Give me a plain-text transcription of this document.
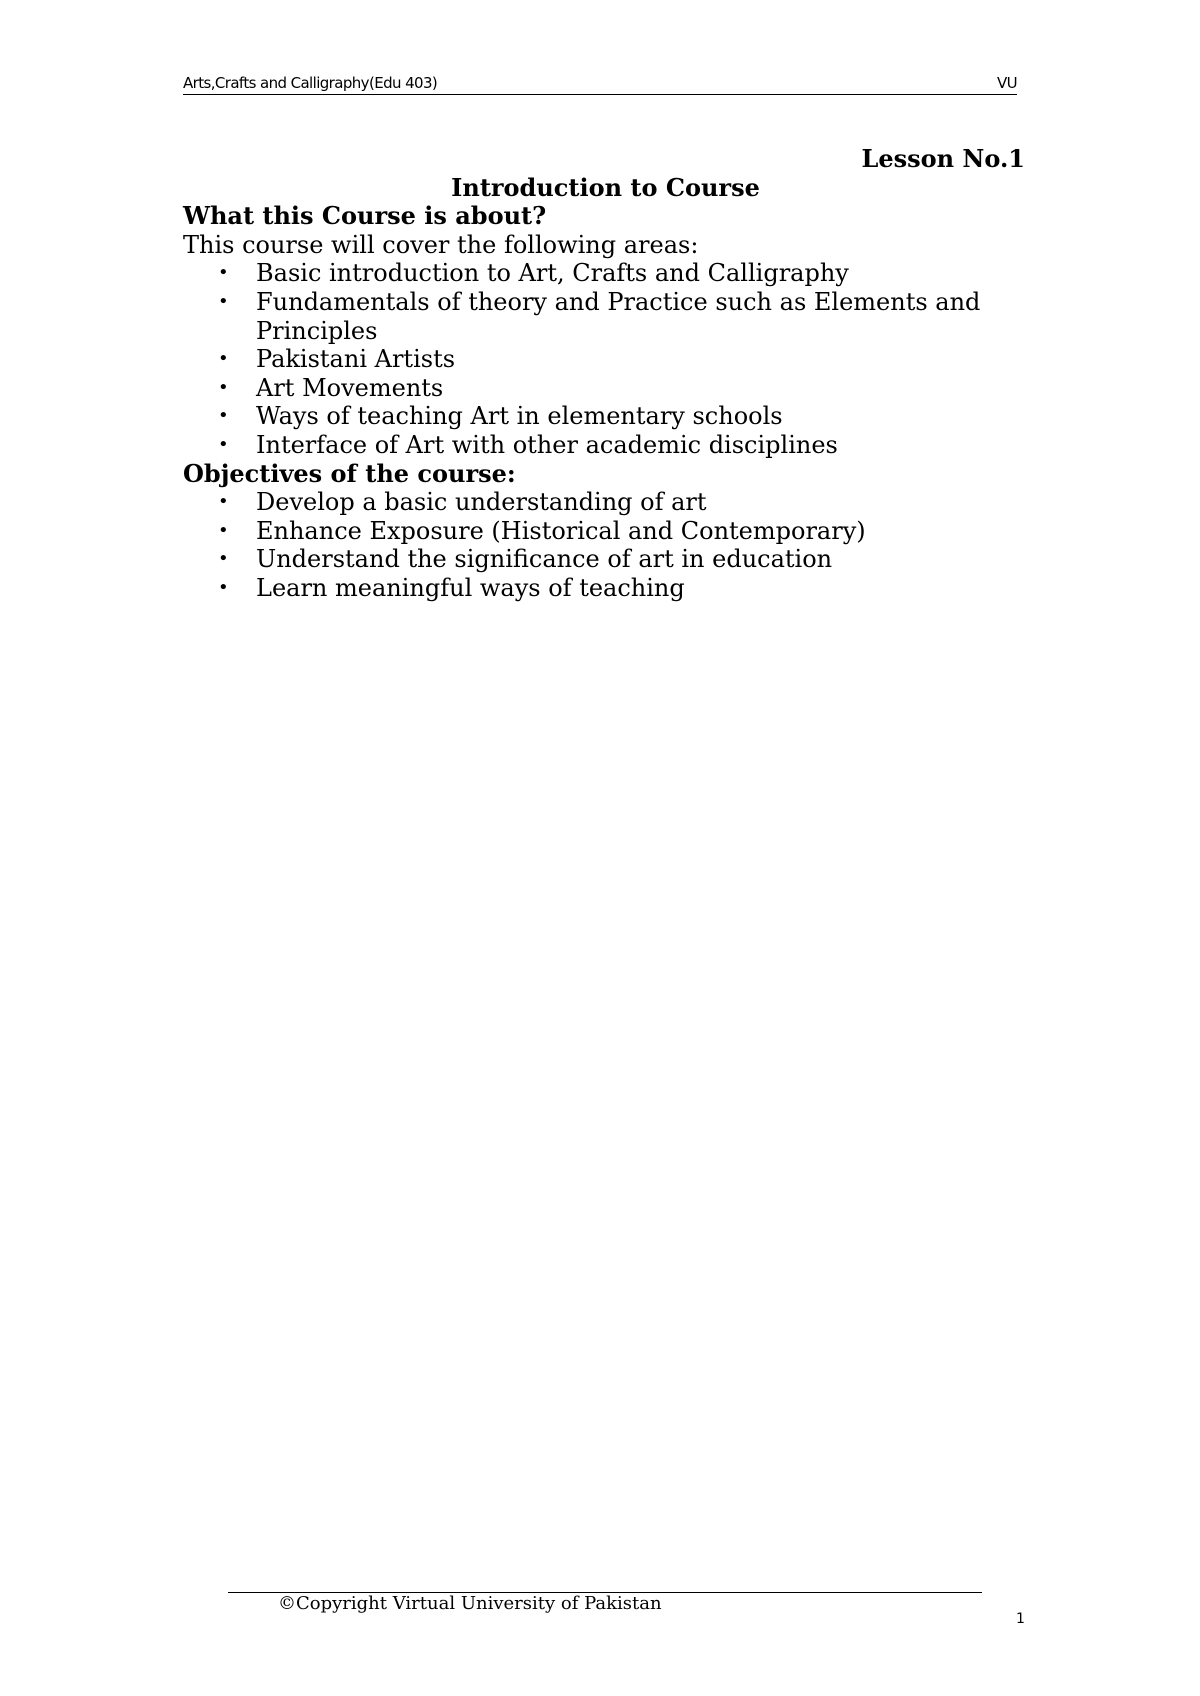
Arts,Crafts and Calligraphy(Edu 403)	VU
Lesson No.1
Introduction to Course
What this Course is about?
This course will cover the following areas:
• Basic introduction to Art, Crafts and Calligraphy
• Fundamentals of theory and Practice such as Elements and Principles
• Pakistani Artists
• Art Movements
• Ways of teaching Art in elementary schools
• Interface of Art with other academic disciplines
Objectives of the course:
• Develop a basic understanding of art
• Enhance Exposure (Historical and Contemporary)
• Understand the significance of art in education
• Learn meaningful ways of teaching
©Copyright Virtual University of Pakistan
1
